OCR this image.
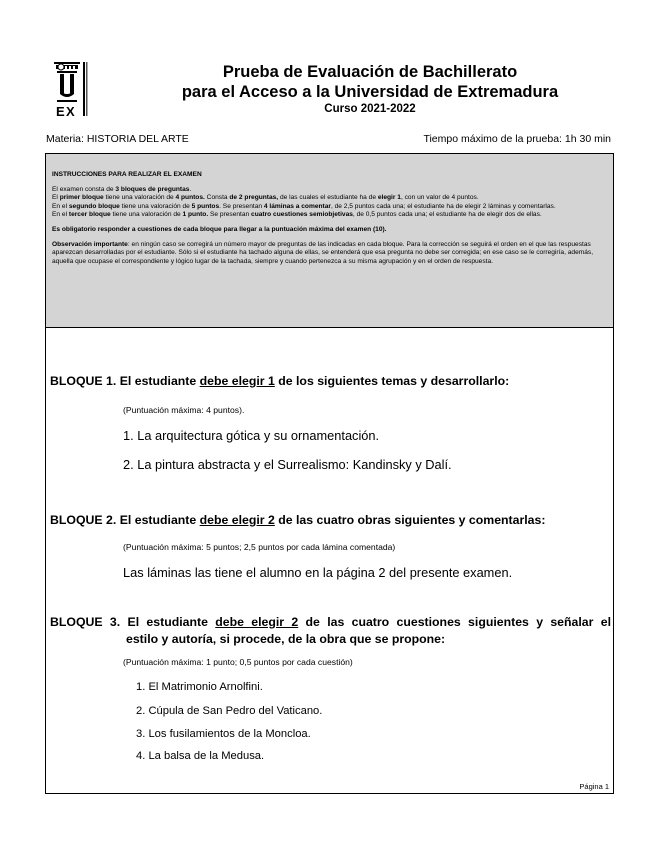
E X
Prueba de Evaluación de Bachillerato
para el Acceso a la Universidad de Extremadura
Curso 2021-2022
Materia: HISTORIA DEL ARTE	Tiempo máximo de la prueba: 1h 30 min

INSTRUCCIONES PARA REALIZAR EL EXAMEN

El examen consta de 3 bloques de preguntas.
El primer bloque tiene una valoración de 4 puntos. Consta de 2 preguntas, de las cuales el estudiante ha de elegir 1, con un valor de 4 puntos.
En el segundo bloque tiene una valoración de 5 puntos. Se presentan 4 láminas a comentar, de 2,5 puntos cada una; el estudiante ha de elegir 2 láminas y comentarlas.
En el tercer bloque tiene una valoración de 1 punto. Se presentan cuatro cuestiones semiobjetivas, de 0,5 puntos cada una; el estudiante ha de elegir dos de ellas.

Es obligatorio responder a cuestiones de cada bloque para llegar a la puntuación máxima del examen (10).

Observación importante: en ningún caso se corregirá un número mayor de preguntas de las indicadas en cada bloque. Para la corrección se seguirá el orden en el que las respuestas aparezcan desarrolladas por el estudiante. Sólo si el estudiante ha tachado alguna de ellas, se entenderá que esa pregunta no debe ser corregida; en ese caso se le corregiría, además, aquella que ocupase el correspondiente y lógico lugar de la tachada, siempre y cuando pertenezca a su misma agrupación y en el orden de respuesta.

BLOQUE 1. El estudiante debe elegir 1 de los siguientes temas y desarrollarlo:
(Puntuación máxima: 4 puntos).
1. La arquitectura gótica y su ornamentación.
2. La pintura abstracta y el Surrealismo: Kandinsky y Dalí.
BLOQUE 2. El estudiante debe elegir 2 de las cuatro obras siguientes y comentarlas:
(Puntuación máxima: 5 puntos; 2,5 puntos por cada lámina comentada)
Las láminas las tiene el alumno en la página 2 del presente examen.
BLOQUE 3. El estudiante debe elegir 2 de las cuatro cuestiones siguientes y señalar el
estilo y autoría, si procede, de la obra que se propone:
(Puntuación máxima: 1 punto; 0,5 puntos por cada cuestión)
1. El Matrimonio Arnolfini.
2. Cúpula de San Pedro del Vaticano.
3. Los fusilamientos de la Moncloa.
4. La balsa de la Medusa.
Página 1
